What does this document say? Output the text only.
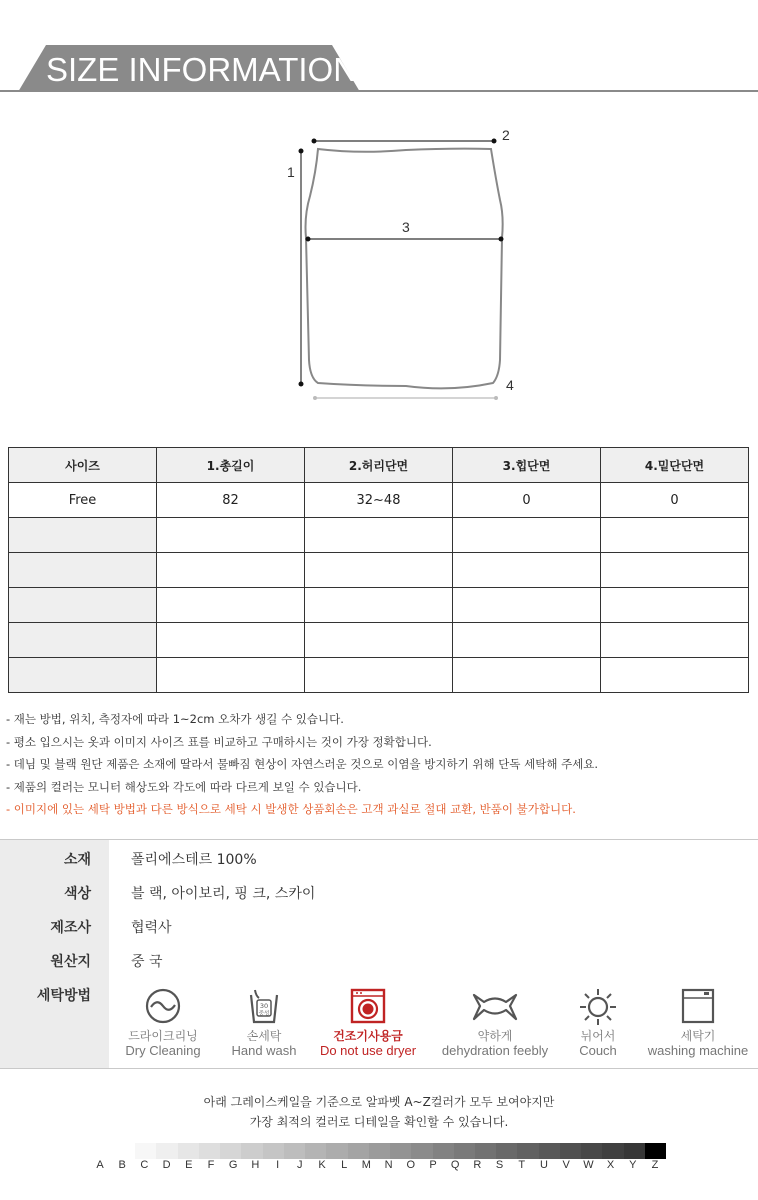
SIZE INFORMATION
1
2
3
4
사이즈	1.총길이	2.허리단면	3.힙단면	4.밑단단면
Free	82	32~48	0	0

- 재는 방법, 위치, 측정자에 따라 1~2cm 오차가 생길 수 있습니다.
- 평소 입으시는 옷과 이미지 사이즈 표를 비교하고 구매하시는 것이 가장 정확합니다.
- 데님 및 블랙 원단 제품은 소재에 딸라서 물빠짐 현상이 자연스러운 것으로 이염을 방지하기 위해 단독 세탁해 주세요.
- 제품의 컬러는 모니터 해상도와 각도에 따라 다르게 보일 수 있습니다.
- 이미지에 있는 세탁 방법과 다른 방식으로 세탁 시 발생한 상품회손은 고객 과실로 절대 교환, 반품이 불가합니다.
소재	폴리에스테르 100%
색상	블 랙, 아이보리, 핑 크, 스카이
제조사	협력사
원산지	중 국
세탁방법
드라이크리닝
Dry Cleaning
30
중성
손세탁
Hand wash
건조기사용금
Do not use dryer
약하게
dehydration feebly
뉘어서
Couch
세탁기
washing machine
아래 그레이스케일을 기준으로 알파벳 A~Z컬러가 모두 보여야지만
가장 최적의 컬러로 디테일을 확인할 수 있습니다.
A	B	C	D	E	F	G	H	I	J	K	L	M	N	O	P	Q	R	S	T	U	V	W	X	Y	Z
